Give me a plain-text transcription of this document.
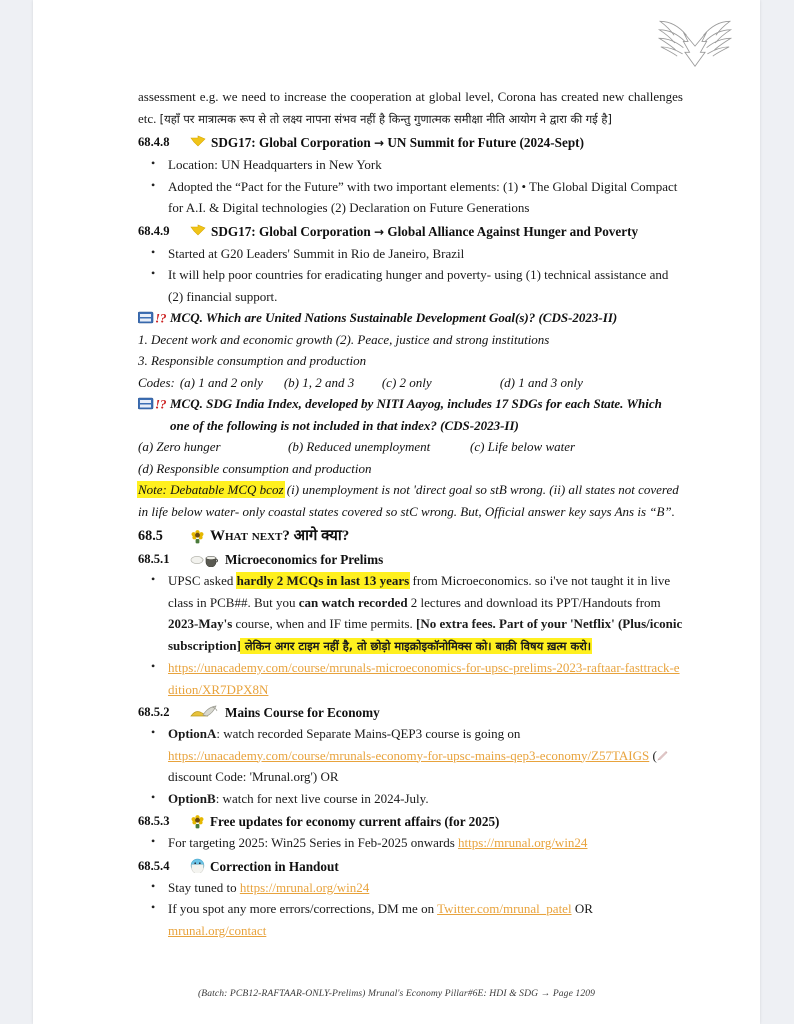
assessment e.g. we need to increase the cooperation at global level, Corona has created new challenges etc. [यहाँ पर मात्रात्मक रूप से तो लक्ष्य नापना संभव नहीं है किन्तु गुणात्मक समीक्षा नीति आयोग ने द्वारा की गई है]

68.4.8	SDG17: Global Corporation → UN Summit for Future (2024-Sept)
• Location: UN Headquarters in New York
• Adopted the “Pact for the Future” with two important elements: (1) • The Global Digital Compact for A.I. & Digital technologies (2) Declaration on Future Generations
68.4.9	SDG17: Global Corporation → Global Alliance Against Hunger and Poverty
• Started at G20 Leaders' Summit in Rio de Janeiro, Brazil
• It will help poor countries for eradicating hunger and poverty- using (1) technical assistance and (2) financial support.
!? MCQ. Which are United Nations Sustainable Development Goal(s)? (CDS-2023-II)
1. Decent work and economic growth (2). Peace, justice and strong institutions
3. Responsible consumption and production
Codes: (a) 1 and 2 only	(b) 1, 2 and 3	(c) 2 only	(d) 1 and 3 only
!? MCQ. SDG India Index, developed by NITI Aayog, includes 17 SDGs for each State. Which one of the following is not included in that index? (CDS-2023-II)
(a) Zero hunger	(b) Reduced unemployment	(c) Life below water
(d) Responsible consumption and production
Note: Debatable MCQ bcoz (i) unemployment is not 'direct goal so stB wrong. (ii) all states not covered in life below water- only coastal states covered so stC wrong. But, Official answer key says Ans is “B”.
68.5	What next? आगे क्या?
68.5.1	Microeconomics for Prelims
• UPSC asked hardly 2 MCQs in last 13 years from Microeconomics. so i've not taught it in live class in PCB##. But you can watch recorded 2 lectures and download its PPT/Handouts from 2023-May's course, when and IF time permits. [No extra fees. Part of your 'Netflix' (Plus/iconic subscription] लेकिन अगर टाइम नहीं है, तो छोड़ो माइक्रोइकॉनोमिक्स को। बाक़ी विषय ख़त्म करो।
• https://unacademy.com/course/mrunals-microeconomics-for-upsc-prelims-2023-raftaar-fasttrack-edition/XR7DPX8N
68.5.2	Mains Course for Economy
• OptionA: watch recorded Separate Mains-QEP3 course is going on
https://unacademy.com/course/mrunals-economy-for-upsc-mains-qep3-economy/Z57TAIGS (discount Code: 'Mrunal.org') OR
• OptionB: watch for next live course in 2024-July.
68.5.3	Free updates for economy current affairs (for 2025)
• For targeting 2025: Win25 Series in Feb-2025 onwards https://mrunal.org/win24
68.5.4	Correction in Handout
• Stay tuned to https://mrunal.org/win24
• If you spot any more errors/corrections, DM me on Twitter.com/mrunal_patel OR
mrunal.org/contact
(Batch: PCB12-RAFTAAR-ONLY-Prelims) Mrunal's Economy Pillar#6E: HDI & SDG → Page 1209
